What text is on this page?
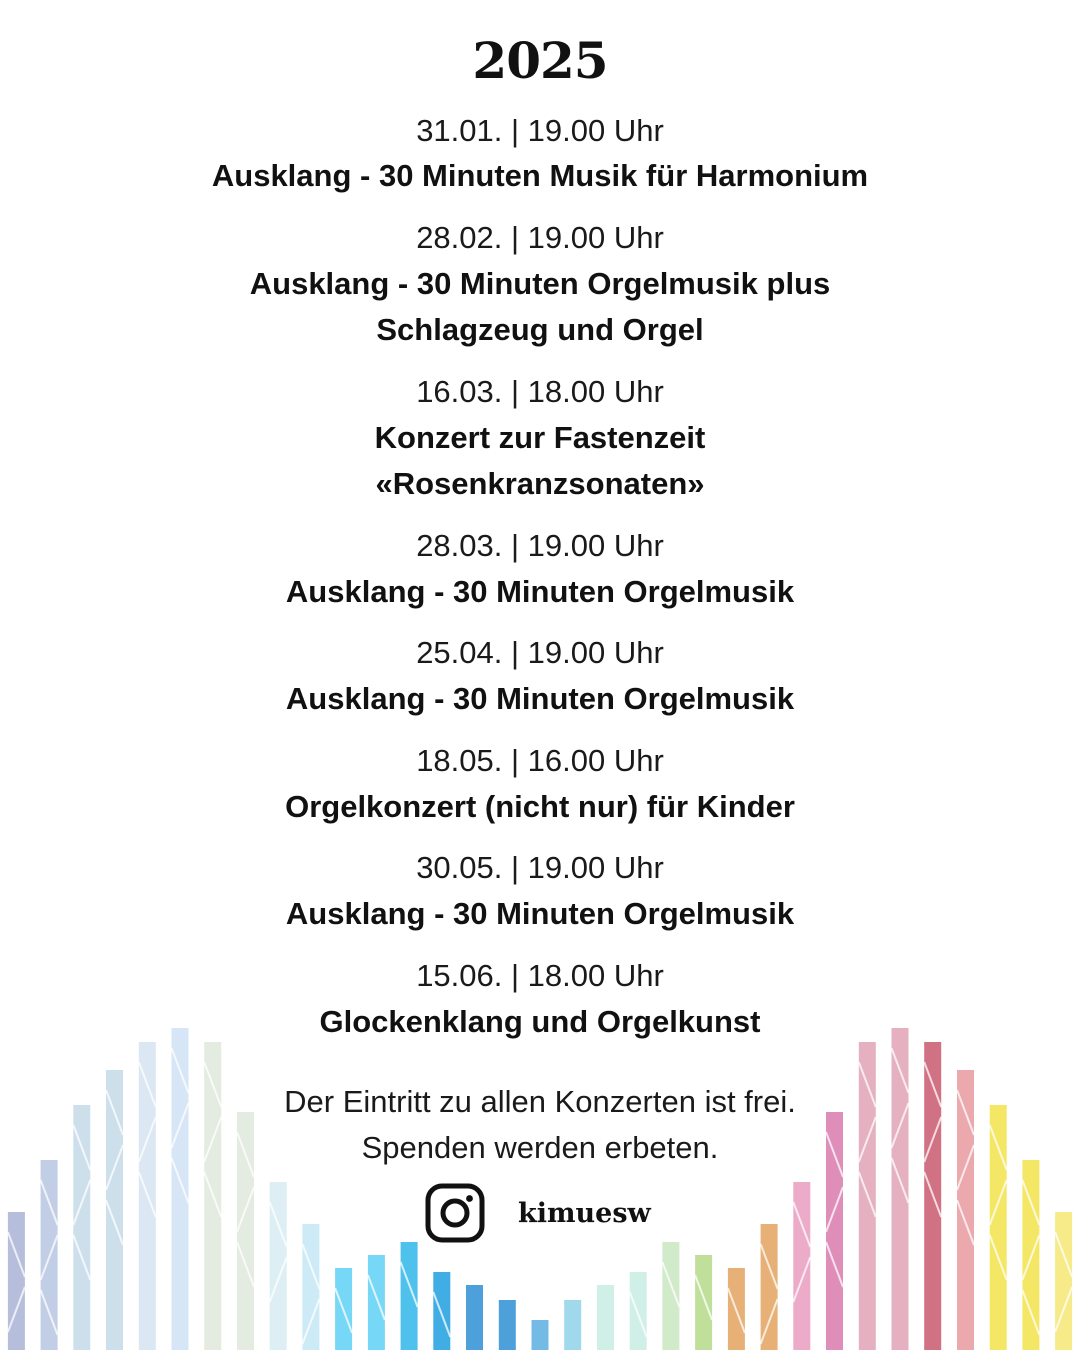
2025
31.01. | 19.00 Uhr
Ausklang - 30 Minuten Musik für Harmonium
28.02. | 19.00 Uhr
Ausklang - 30 Minuten Orgelmusik plus
Schlagzeug und Orgel
16.03. | 18.00 Uhr
Konzert zur Fastenzeit
«Rosenkranzsonaten»
28.03. | 19.00 Uhr
Ausklang - 30 Minuten Orgelmusik
25.04. | 19.00 Uhr
Ausklang - 30 Minuten Orgelmusik
18.05. | 16.00 Uhr
Orgelkonzert (nicht nur) für Kinder
30.05. | 19.00 Uhr
Ausklang - 30 Minuten Orgelmusik
15.06. | 18.00 Uhr
Glockenklang und Orgelkunst
Der Eintritt zu allen Konzerten ist frei.
Spenden werden erbeten.
kimuesw
